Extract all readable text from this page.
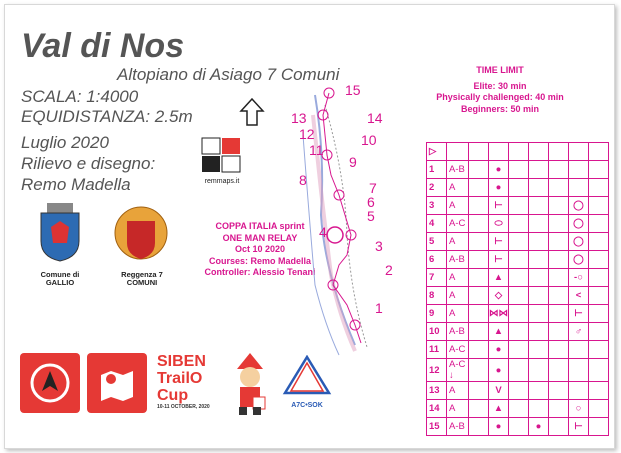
Val di Nos
Altopiano di Asiago 7 Comuni
SCALA: 1:4000
EQUIDISTANZA: 2.5m
Luglio 2020
Rilievo e disegno:
Remo Madella	remmaps.it
Comune di GALLIO
Reggenza 7 COMUNI
COPPA ITALIA sprint
ONE MAN RELAY
Oct 10 2020
Courses: Remo Madella
Controller: Alessio Tenani
15
14
13
12
11
10
9
8	7
6
5
4
3
2
1
TIME LIMIT
Elite: 30 min
Physically challenged: 40 min
Beginners: 50 min
▷								
1	A-B		●					
2	A		●					
3	A		⊢				◯	
4	A-C		⬭				◯	
5	A		⊢				◯	
6	A-B		⊢				◯	
7	A		▲				-○	
8	A		◇				<	
9	A		⋈⋈				⊢	
10	A-B		▲				♂	
11	A-C		●					
12	A-C ↓		●					
13	A		V					
14	A		▲				○	
15	A-B		●		●		⊢	
SIBEN
TrailO
Cup
10-11 OCTOBER, 2020	A7C•SOK
